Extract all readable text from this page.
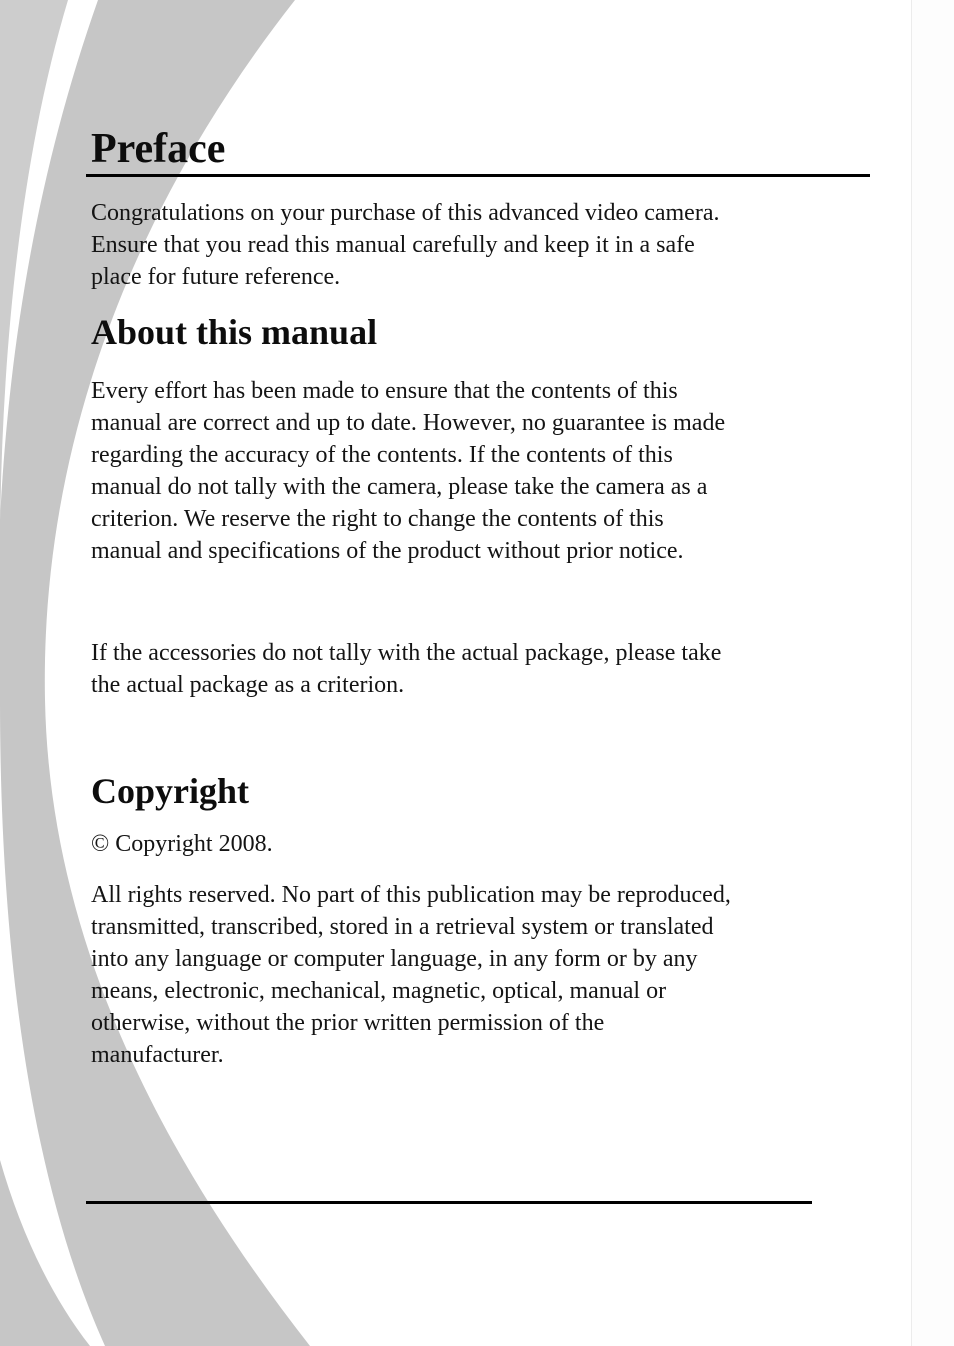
Preface

Congratulations on your purchase of this advanced video camera.
Ensure that you read this manual carefully and keep it in a safe
place for future reference.

About this manual

Every effort has been made to ensure that the contents of this
manual are correct and up to date. However, no guarantee is made
regarding the accuracy of the contents. If the contents of this
manual do not tally with the camera, please take the camera as a
criterion. We reserve the right to change the contents of this
manual and specifications of the product without prior notice.

If the accessories do not tally with the actual package, please take
the actual package as a criterion.

Copyright

© Copyright 2008.

All rights reserved. No part of this publication may be reproduced,
transmitted, transcribed, stored in a retrieval system or translated
into any language or computer language, in any form or by any
means, electronic, mechanical, magnetic, optical, manual or
otherwise, without the prior written permission of the
manufacturer.
